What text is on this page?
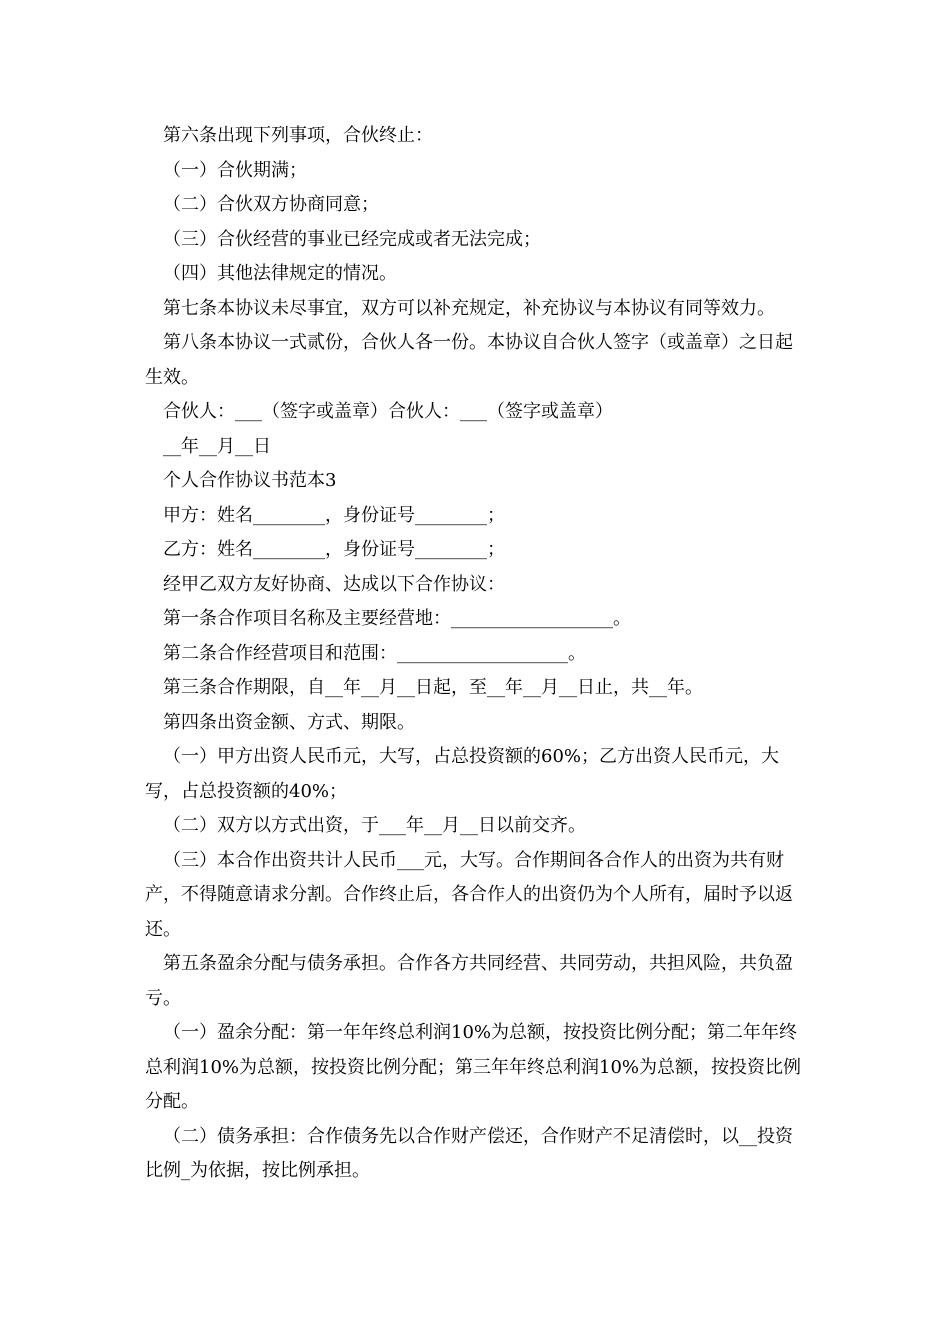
第六条出现下列事项，合伙终止：

（一）合伙期满；

（二）合伙双方协商同意；

（三）合伙经营的事业已经完成或者无法完成；

（四）其他法律规定的情况。

第七条本协议未尽事宜，双方可以补充规定，补充协议与本协议有同等效力。

第八条本协议一式贰份，合伙人各一份。本协议自合伙人签字（或盖章）之日起生效。

合伙人：___（签字或盖章）合伙人：___（签字或盖章）

__年__月__日

个人合作协议书范本3

甲方：姓名________，身份证号________；

乙方：姓名________，身份证号________；

经甲乙双方友好协商、达成以下合作协议：

第一条合作项目名称及主要经营地：__________________。

第二条合作经营项目和范围：___________________。

第三条合作期限，自__年__月__日起，至__年__月__日止，共__年。

第四条出资金额、方式、期限。

（一）甲方出资人民币元，大写，占总投资额的60%；乙方出资人民币元，大写，占总投资额的40%；

（二）双方以方式出资，于___年__月__日以前交齐。

（三）本合作出资共计人民币___元，大写。合作期间各合作人的出资为共有财产，不得随意请求分割。合作终止后，各合作人的出资仍为个人所有，届时予以返还。

第五条盈余分配与债务承担。合作各方共同经营、共同劳动，共担风险，共负盈亏。

（一）盈余分配：第一年年终总利润10%为总额，按投资比例分配；第二年年终总利润10%为总额，按投资比例分配；第三年年终总利润10%为总额，按投资比例分配。

（二）债务承担：合作债务先以合作财产偿还，合作财产不足清偿时，以__投资比例_为依据，按比例承担。
